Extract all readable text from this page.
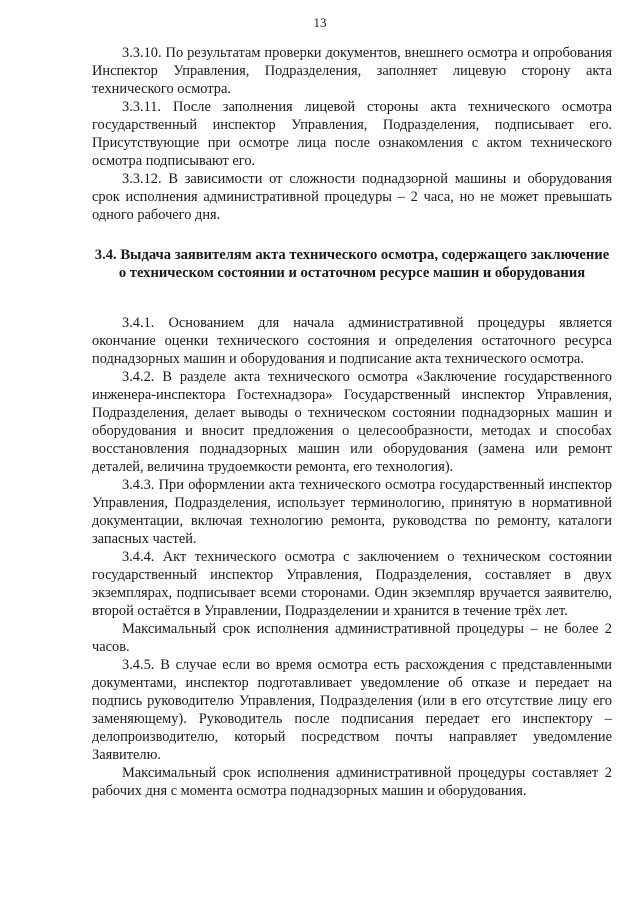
13

3.3.10. По результатам проверки документов, внешнего осмотра и опробования Инспектор Управления, Подразделения, заполняет лицевую сторону акта технического осмотра.

3.3.11. После заполнения лицевой стороны акта технического осмотра государственный инспектор Управления, Подразделения, подписывает его. Присутствующие при осмотре лица после ознакомления с актом технического осмотра подписывают его.

3.3.12. В зависимости от сложности поднадзорной машины и оборудования срок исполнения административной процедуры – 2 часа, но не может превышать одного рабочего дня.

3.4. Выдача заявителям акта технического осмотра, содержащего заключение о техническом состоянии и остаточном ресурсе машин и оборудования

3.4.1. Основанием для начала административной процедуры является окончание оценки технического состояния и определения остаточного ресурса поднадзорных машин и оборудования и подписание акта технического осмотра.

3.4.2. В разделе акта технического осмотра «Заключение государственного инженера-инспектора Гостехнадзора» Государственный инспектор Управления, Подразделения, делает выводы о техническом состоянии поднадзорных машин и оборудования и вносит предложения о целесообразности, методах и способах восстановления поднадзорных машин или оборудования (замена или ремонт деталей, величина трудоемкости ремонта, его технология).

3.4.3. При оформлении акта технического осмотра государственный инспектор Управления, Подразделения, использует терминологию, принятую в нормативной документации, включая технологию ремонта, руководства по ремонту, каталоги запасных частей.

3.4.4. Акт технического осмотра с заключением о техническом состоянии государственный инспектор Управления, Подразделения, составляет в двух экземплярах, подписывает всеми сторонами. Один экземпляр вручается заявителю, второй остаётся в Управлении, Подразделении и хранится в течение трёх лет.

Максимальный срок исполнения административной процедуры – не более 2 часов.

3.4.5. В случае если во время осмотра есть расхождения с представленными документами, инспектор подготавливает уведомление об отказе и передает на подпись руководителю Управления, Подразделения (или в его отсутствие лицу его заменяющему). Руководитель после подписания передает его инспектору – делопроизводителю, который посредством почты направляет уведомление Заявителю.

Максимальный срок исполнения административной процедуры составляет 2 рабочих дня с момента осмотра поднадзорных машин и оборудования.
